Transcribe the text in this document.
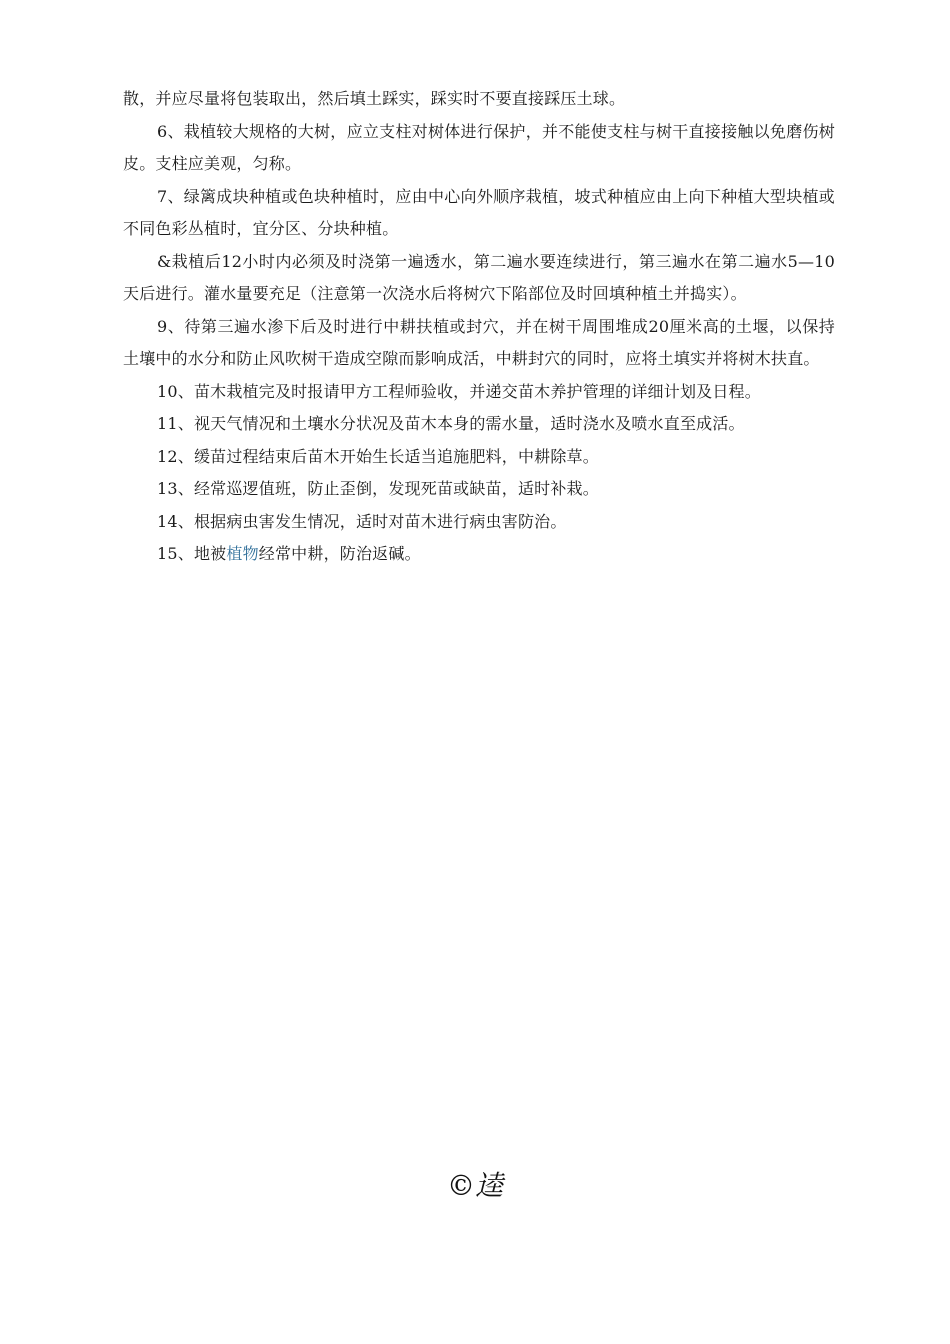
散，并应尽量将包装取出，然后填土踩实，踩实时不要直接踩压土球。

6、栽植较大规格的大树，应立支柱对树体进行保护，并不能使支柱与树干直接接触以免磨伤树皮。支柱应美观，匀称。

7、绿篱成块种植或色块种植时，应由中心向外顺序栽植，坡式种植应由上向下种植大型块植或不同色彩丛植时，宜分区、分块种植。

&栽植后12小时内必须及时浇第一遍透水，第二遍水要连续进行，第三遍水在第二遍水5—10天后进行。灌水量要充足（注意第一次浇水后将树穴下陷部位及时回填种植土并捣实）。

9、待第三遍水渗下后及时进行中耕扶植或封穴，并在树干周围堆成20厘米高的土堰，以保持土壤中的水分和防止风吹树干造成空隙而影响成活，中耕封穴的同时，应将土填实并将树木扶直。

10、苗木栽植完及时报请甲方工程师验收，并递交苗木养护管理的详细计划及日程。

11、视天气情况和土壤水分状况及苗木本身的需水量，适时浇水及喷水直至成活。

12、缓苗过程结束后苗木开始生长适当追施肥料，中耕除草。

13、经常巡逻值班，防止歪倒，发现死苗或缺苗，适时补栽。

14、根据病虫害发生情况，适时对苗木进行病虫害防治。

15、地被植物经常中耕，防治返碱。

©逵
